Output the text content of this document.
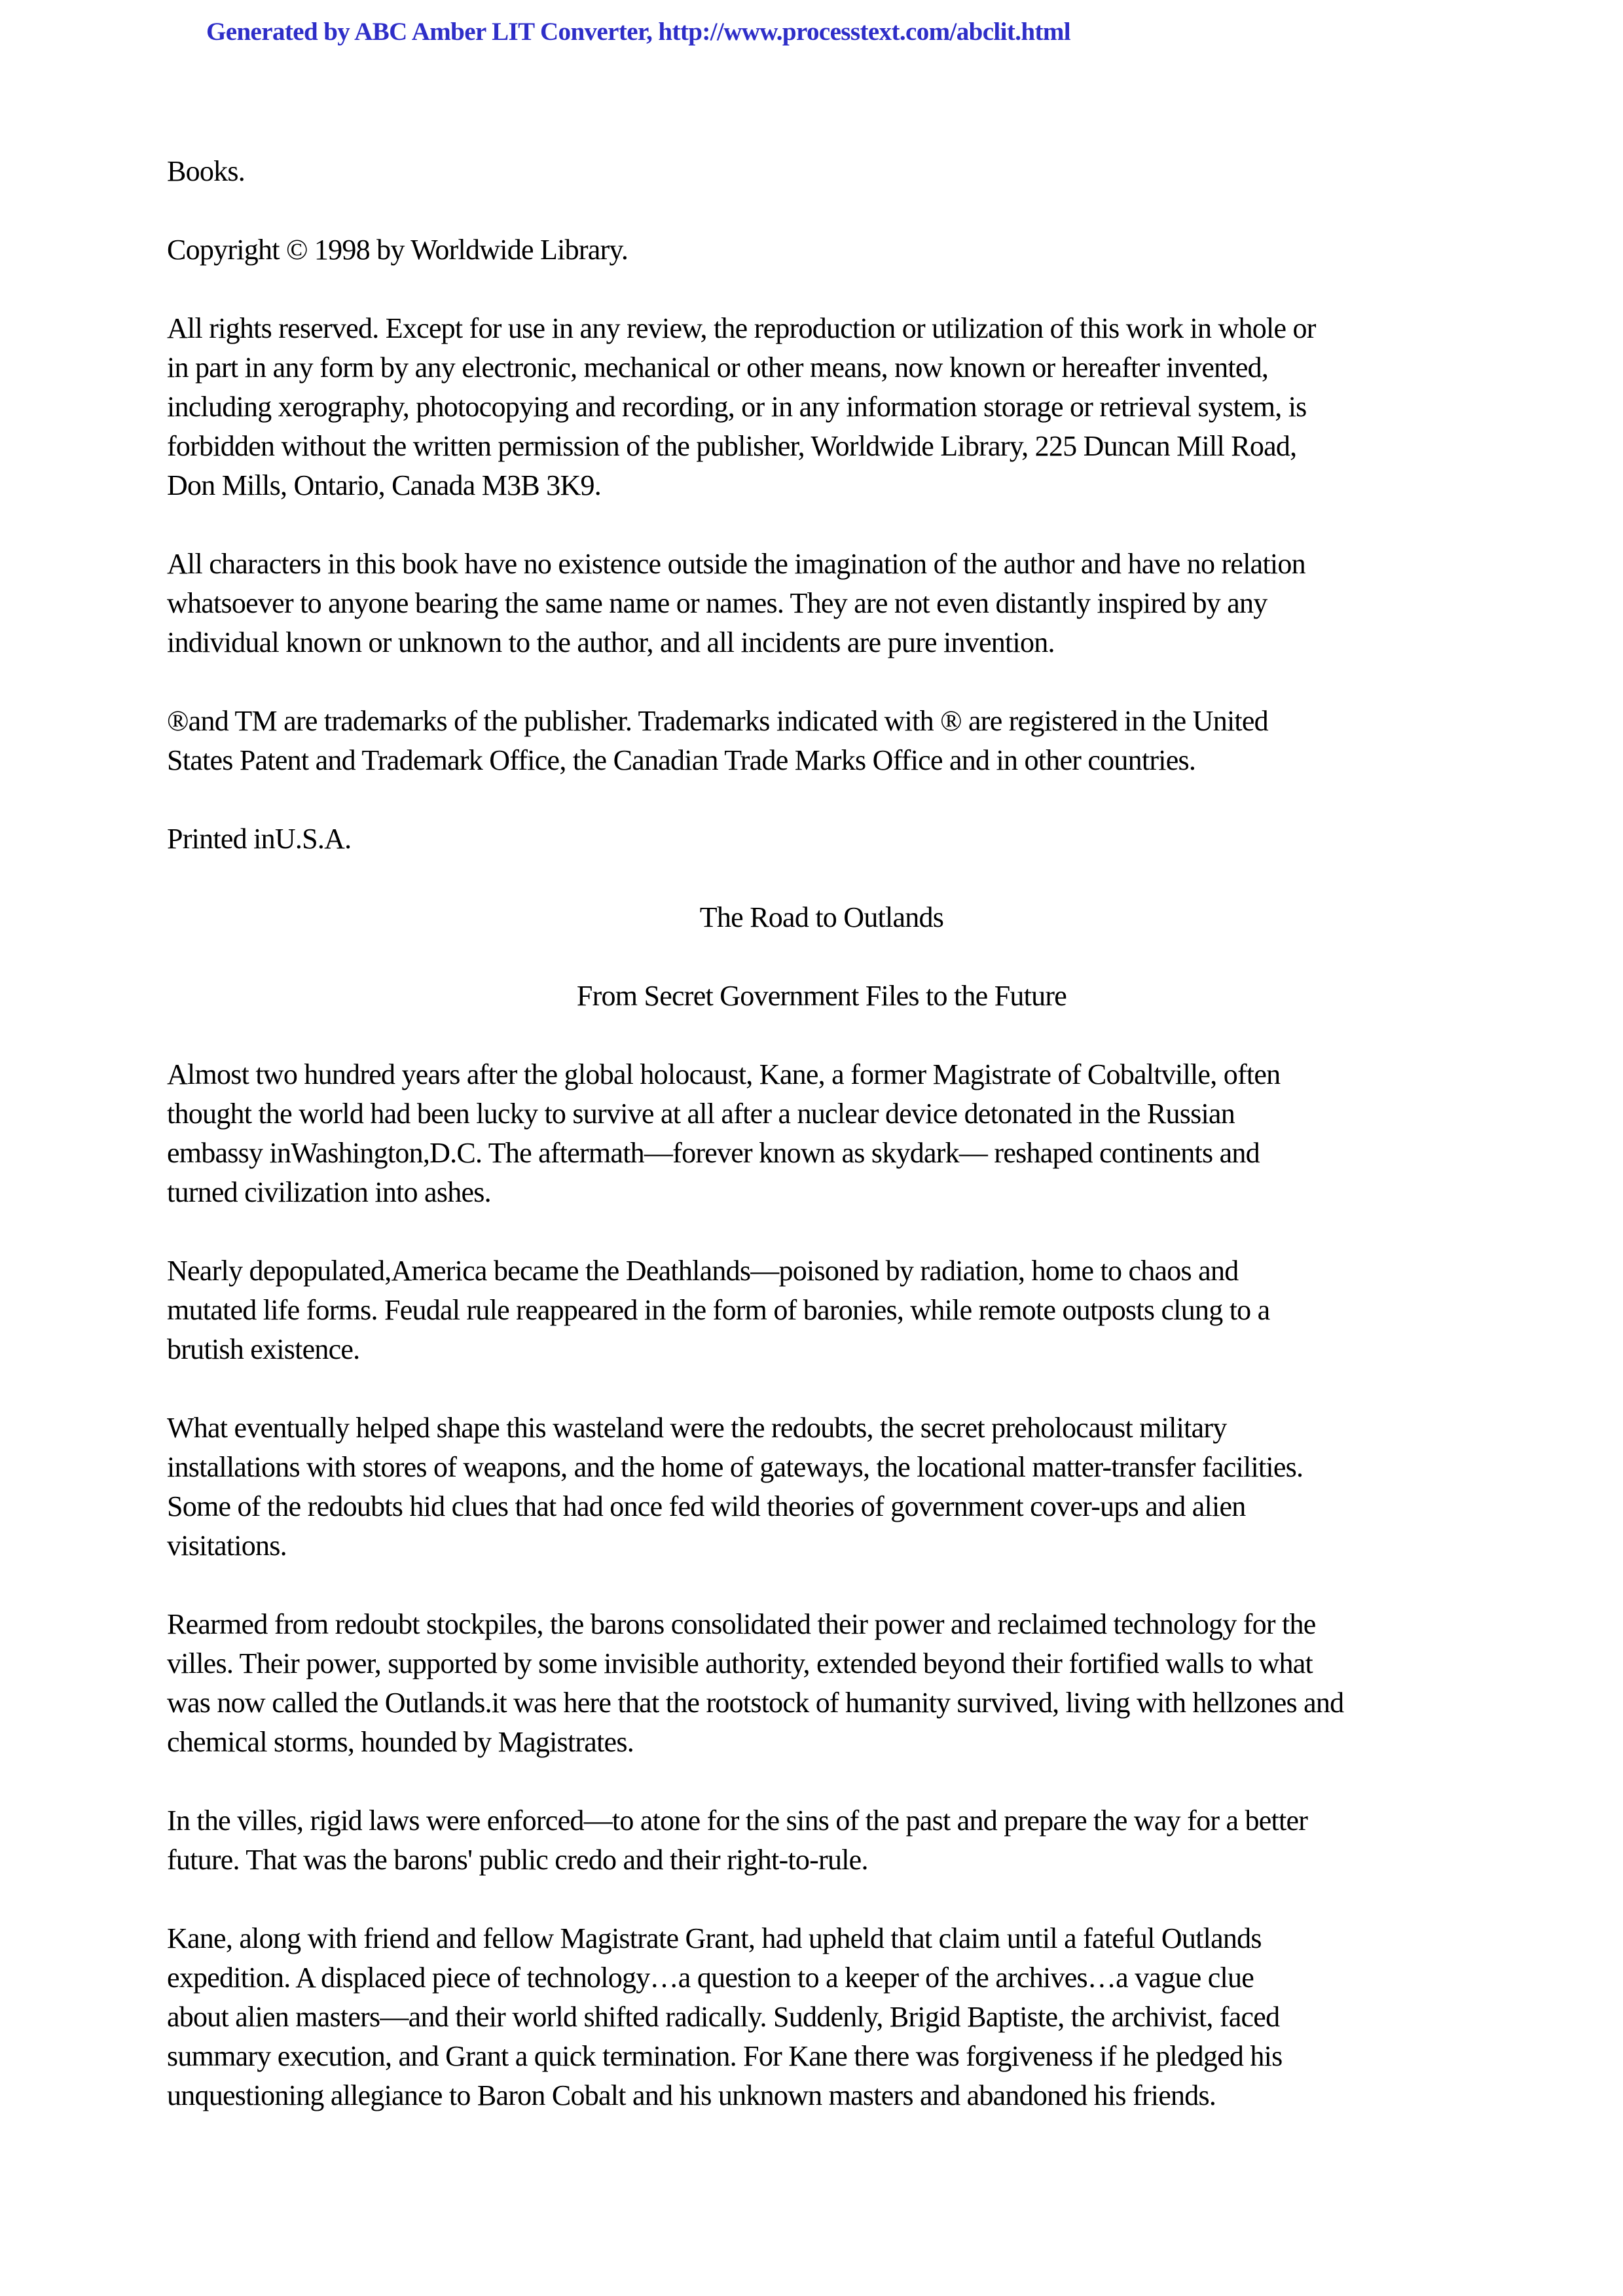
Generated by ABC Amber LIT Converter, http://www.processtext.com/abclit.html

Books.

Copyright © 1998 by Worldwide Library.

All rights reserved. Except for use in any review, the reproduction or utilization of this work in whole or
in part in any form by any electronic, mechanical or other means, now known or hereafter invented,
including xerography, photocopying and recording, or in any information storage or retrieval system, is
forbidden without the written permission of the publisher, Worldwide Library, 225 Duncan Mill Road,
Don Mills, Ontario, Canada M3B 3K9.

All characters in this book have no existence outside the imagination of the author and have no relation
whatsoever to anyone bearing the same name or names. They are not even distantly inspired by any
individual known or unknown to the author, and all incidents are pure invention.

®and TM are trademarks of the publisher. Trademarks indicated with ® are registered in the United
States Patent and Trademark Office, the Canadian Trade Marks Office and in other countries.

Printed inU.S.A.

The Road to Outlands

From Secret Government Files to the Future

Almost two hundred years after the global holocaust, Kane, a former Magistrate of Cobaltville, often
thought the world had been lucky to survive at all after a nuclear device detonated in the Russian
embassy inWashington,D.C. The aftermath—forever known as skydark— reshaped continents and
turned civilization into ashes.

Nearly depopulated,America became the Deathlands—poisoned by radiation, home to chaos and
mutated life forms. Feudal rule reappeared in the form of baronies, while remote outposts clung to a
brutish existence.

What eventually helped shape this wasteland were the redoubts, the secret preholocaust military
installations with stores of weapons, and the home of gateways, the locational matter-transfer facilities.
Some of the redoubts hid clues that had once fed wild theories of government cover-ups and alien
visitations.

Rearmed from redoubt stockpiles, the barons consolidated their power and reclaimed technology for the
villes. Their power, supported by some invisible authority, extended beyond their fortified walls to what
was now called the Outlands.it was here that the rootstock of humanity survived, living with hellzones and
chemical storms, hounded by Magistrates.

In the villes, rigid laws were enforced—to atone for the sins of the past and prepare the way for a better
future. That was the barons' public credo and their right-to-rule.

Kane, along with friend and fellow Magistrate Grant, had upheld that claim until a fateful Outlands
expedition. A displaced piece of technology…a question to a keeper of the archives…a vague clue
about alien masters—and their world shifted radically. Suddenly, Brigid Baptiste, the archivist, faced
summary execution, and Grant a quick termination. For Kane there was forgiveness if he pledged his
unquestioning allegiance to Baron Cobalt and his unknown masters and abandoned his friends.
